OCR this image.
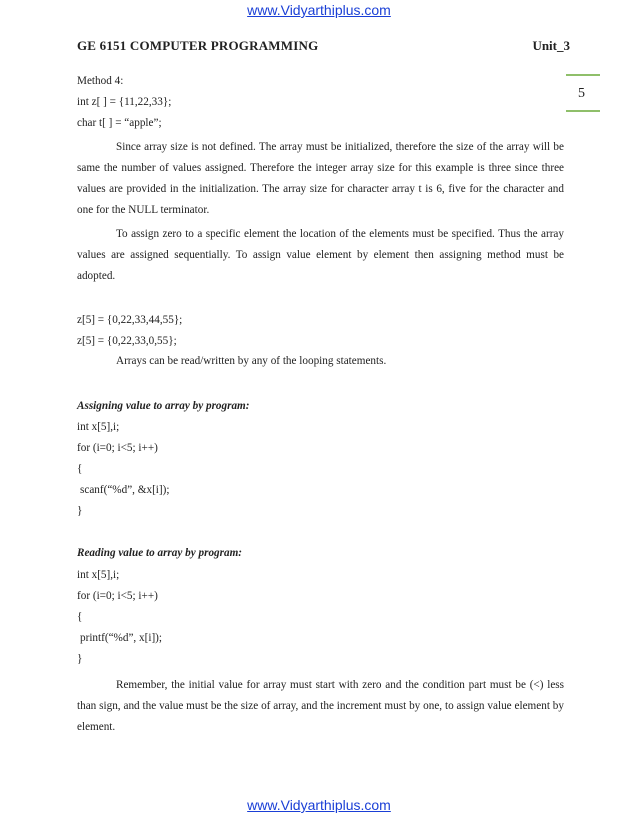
www.Vidyarthiplus.com
GE 6151 COMPUTER PROGRAMMING	Unit_3
5
Method 4:
int z[ ] = {11,22,33};
char t[ ] = “apple”;

Since array size is not defined. The array must be initialized, therefore the size of the array will be same the number of values assigned. Therefore the integer array size for this example is three since three values are provided in the initialization. The array size for character array t is 6, five for the character and one for the NULL terminator.

To assign zero to a specific element the location of the elements must be specified. Thus the array values are assigned sequentially. To assign value element by element then assigning method must be adopted.

z[5] = {0,22,33,44,55};
z[5] = {0,22,33,0,55};
Arrays can be read/written by any of the looping statements.
Assigning value to array by program:
int x[5],i;
for (i=0; i<5; i++)
{
scanf(“%d”, &x[i]);
}
Reading value to array by program:
int x[5],i;
for (i=0; i<5; i++)
{
printf(“%d”, x[i]);
}

Remember, the initial value for array must start with zero and the condition part must be (<) less than sign, and the value must be the size of array, and the increment must by one, to assign value element by element.

www.Vidyarthiplus.com
